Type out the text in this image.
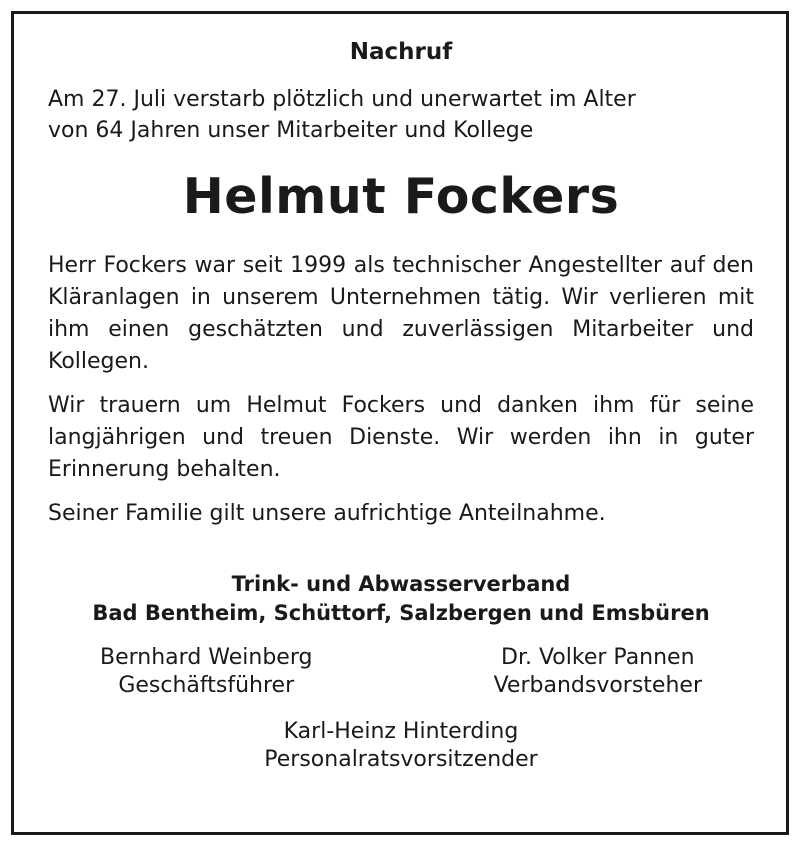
Nachruf
Am 27. Juli verstarb plötzlich und unerwartet im Alter
von 64 Jahren unser Mitarbeiter und Kollege
Helmut Fockers

Herr Fockers war seit 1999 als technischer Angestellter auf den Kläranlagen in unserem Unternehmen tätig. Wir verlieren mit ihm einen geschätzten und zuverlässigen Mitarbeiter und Kollegen.

Wir trauern um Helmut Fockers und danken ihm für seine langjährigen und treuen Dienste. Wir werden ihn in guter Erinnerung behalten.

Seiner Familie gilt unsere aufrichtige Anteilnahme.

Trink- und Abwasserverband
Bad Bentheim, Schüttorf, Salzbergen und Emsbüren
Bernhard Weinberg
Geschäftsführer
Dr. Volker Pannen
Verbandsvorsteher
Karl-Heinz Hinterding
Personalratsvorsitzender
